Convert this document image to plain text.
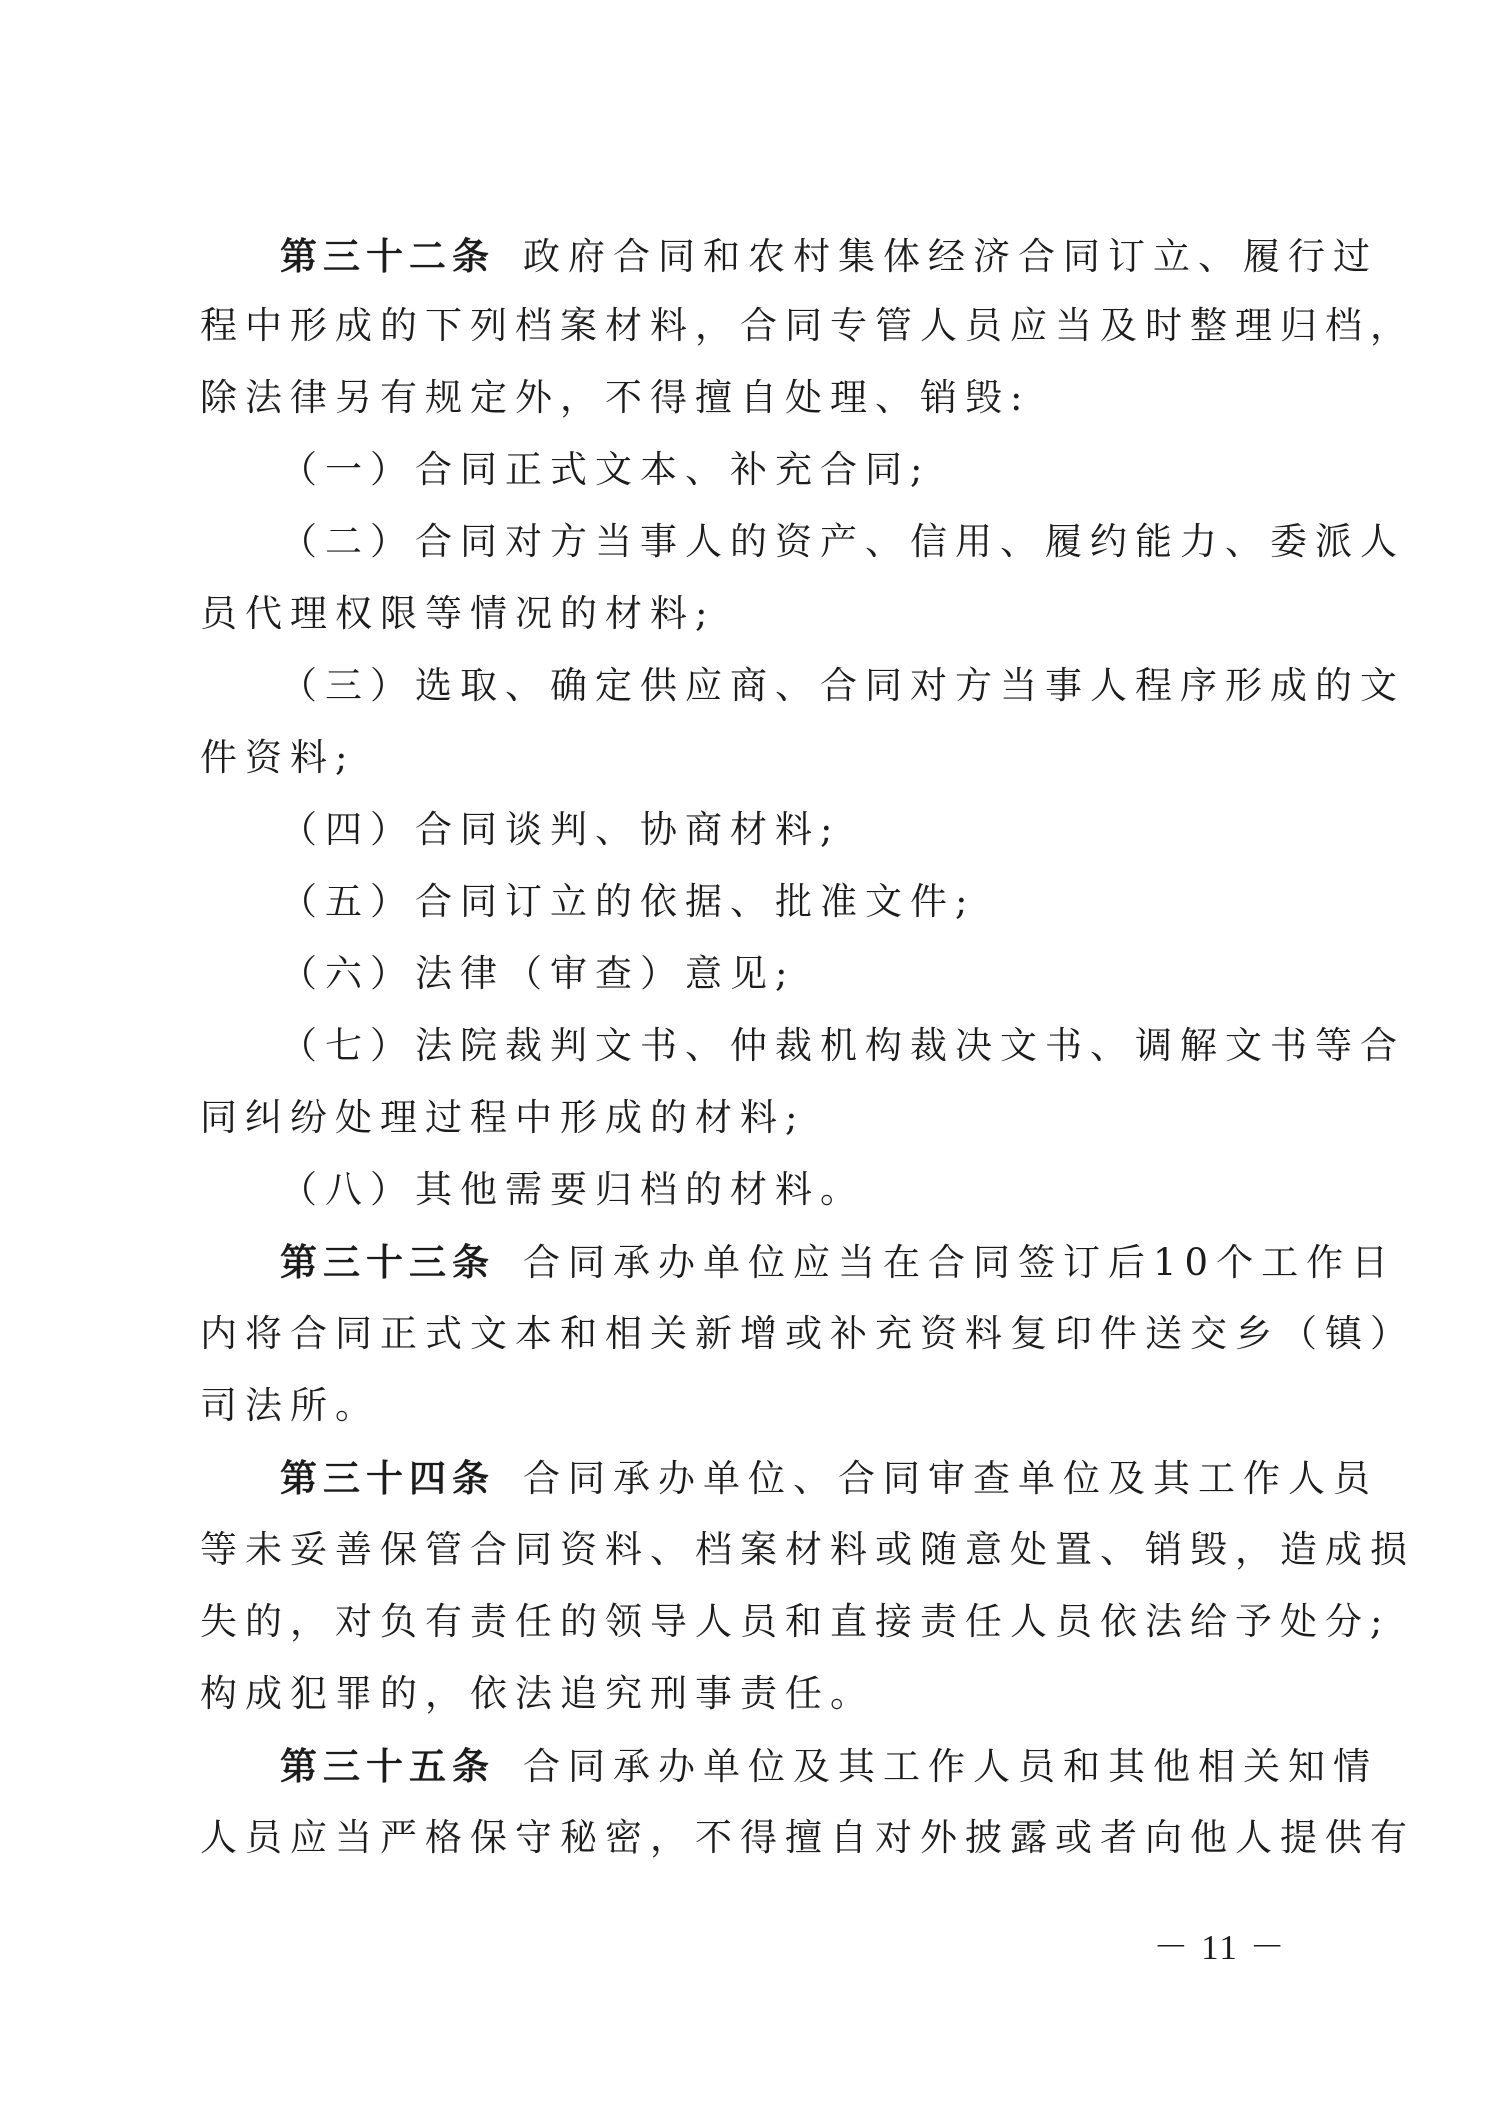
第三十二条 政府合同和农村集体经济合同订立、履行过
程中形成的下列档案材料，合同专管人员应当及时整理归档，
除法律另有规定外，不得擅自处理、销毁:
（一）合同正式文本、补充合同;
（二）合同对方当事人的资产、信用、履约能力、委派人
员代理权限等情况的材料;
（三）选取、确定供应商、合同对方当事人程序形成的文
件资料;
（四）合同谈判、协商材料;
（五）合同订立的依据、批准文件;
（六）法律（审查）意见;
（七）法院裁判文书、仲裁机构裁决文书、调解文书等合
同纠纷处理过程中形成的材料;
（八）其他需要归档的材料。
第三十三条 合同承办单位应当在合同签订后10个工作日
内将合同正式文本和相关新增或补充资料复印件送交乡（镇）
司法所。
第三十四条 合同承办单位、合同审查单位及其工作人员
等未妥善保管合同资料、档案材料或随意处置、销毁，造成损
失的，对负有责任的领导人员和直接责任人员依法给予处分;
构成犯罪的，依法追究刑事责任。
第三十五条 合同承办单位及其工作人员和其他相关知情
人员应当严格保守秘密，不得擅自对外披露或者向他人提供有
－ 11 －
